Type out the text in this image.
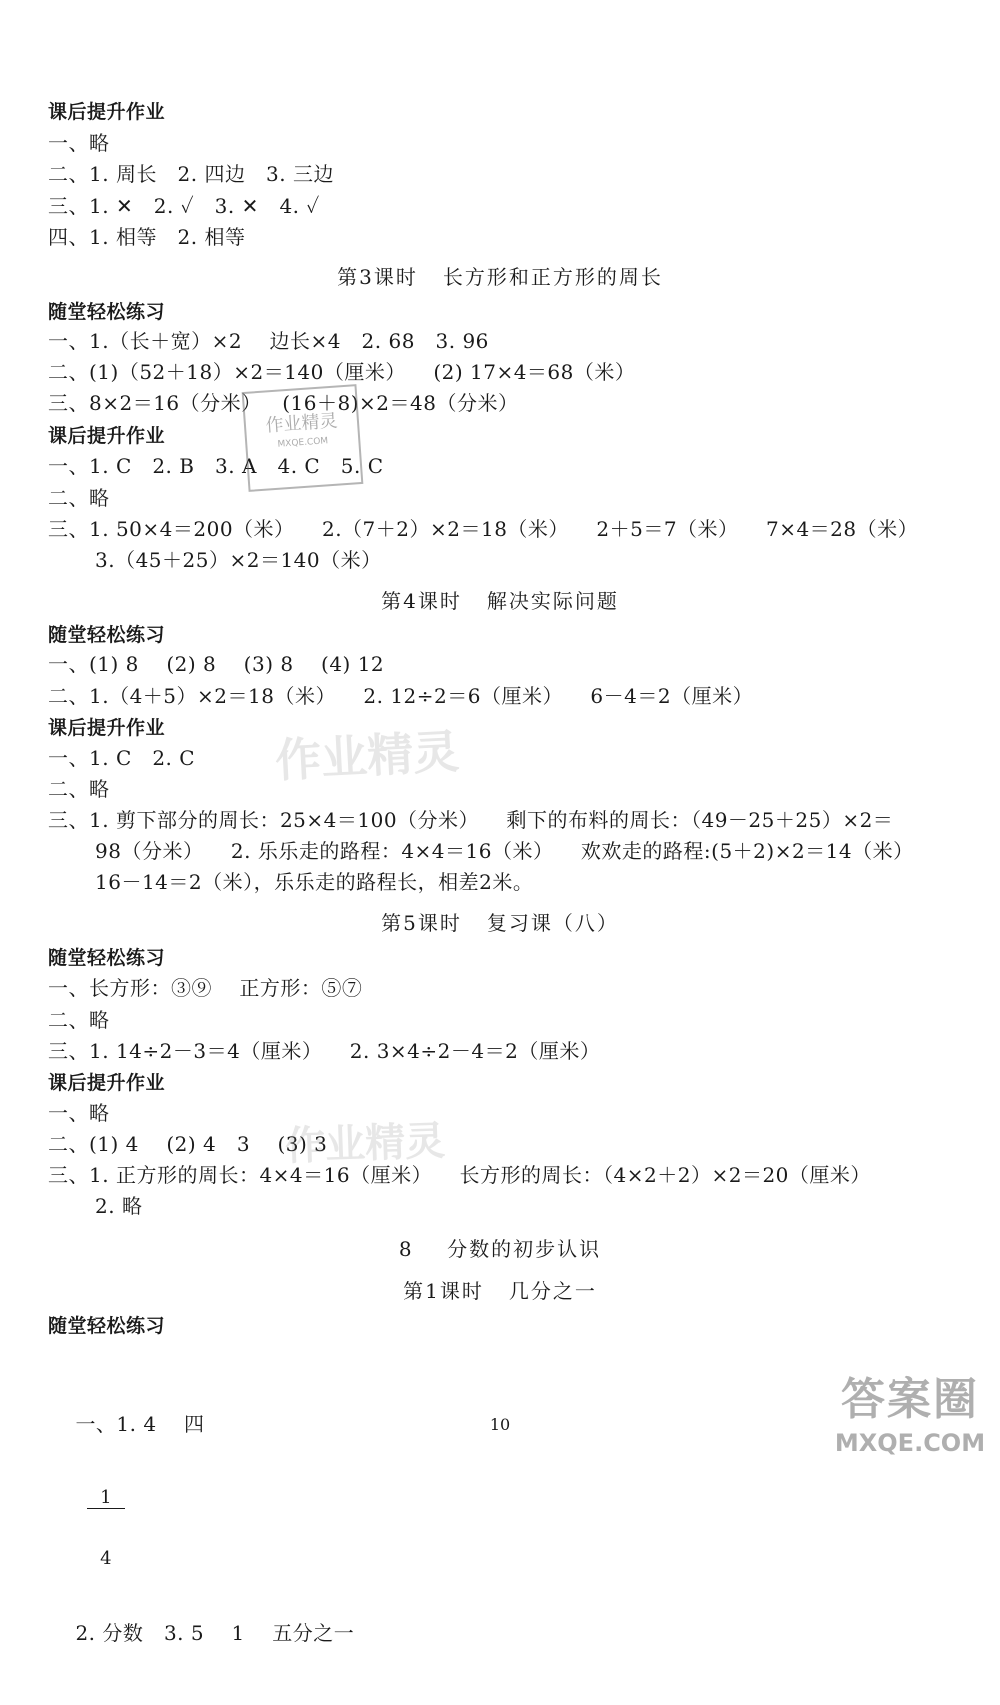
课后提升作业
一、略
二、1. 周长   2. 四边   3. 三边
三、1. ✕   2. ✓   3. ✕   4. ✓
四、1. 相等   2. 相等
第3课时   长方形和正方形的周长
随堂轻松练习
一、1.（长＋宽）×2    边长×4   2. 68   3. 96
二、(1)（52＋18）×2＝140（厘米）    (2) 17×4＝68（米）
三、8×2＝16（分米）   (16＋8)×2＝48（分米）
课后提升作业
一、1. C   2. B   3. A   4. C   5. C
二、略
三、1. 50×4＝200（米）    2.（7＋2）×2＝18（米）    2＋5＝7（米）    7×4＝28（米）
3.（45＋25）×2＝140（米）
第4课时   解决实际问题
随堂轻松练习
一、(1) 8    (2) 8    (3) 8    (4) 12
二、1.（4＋5）×2＝18（米）    2. 12÷2＝6（厘米）    6－4＝2（厘米）
课后提升作业
一、1. C   2. C
二、略
三、1. 剪下部分的周长：25×4＝100（分米）    剩下的布料的周长：（49－25＋25）×2＝
98（分米）    2. 乐乐走的路程：4×4＝16（米）    欢欢走的路程:(5＋2)×2＝14（米）
16－14＝2（米），乐乐走的路程长，相差2米。
第5课时   复习课（八）
随堂轻松练习
一、长方形：③⑨    正方形：⑤⑦
二、略
三、1. 14÷2－3＝4（厘米）    2. 3×4÷2－4＝2（厘米）
课后提升作业
一、略
二、(1) 4    (2) 4   3    (3) 3
三、1. 正方形的周长：4×4＝16（厘米）    长方形的周长：（4×2＋2）×2＝20（厘米）
2. 略
8    分数的初步认识
第1课时   几分之一
随堂轻松练习

一、1. 4    四

$\frac{1}{4}$

2. 分数   3. 5    1    五分之一

10
作业精灵
MXQE.COM
作业精灵
作业精灵
答案圈
MXQE.COM
